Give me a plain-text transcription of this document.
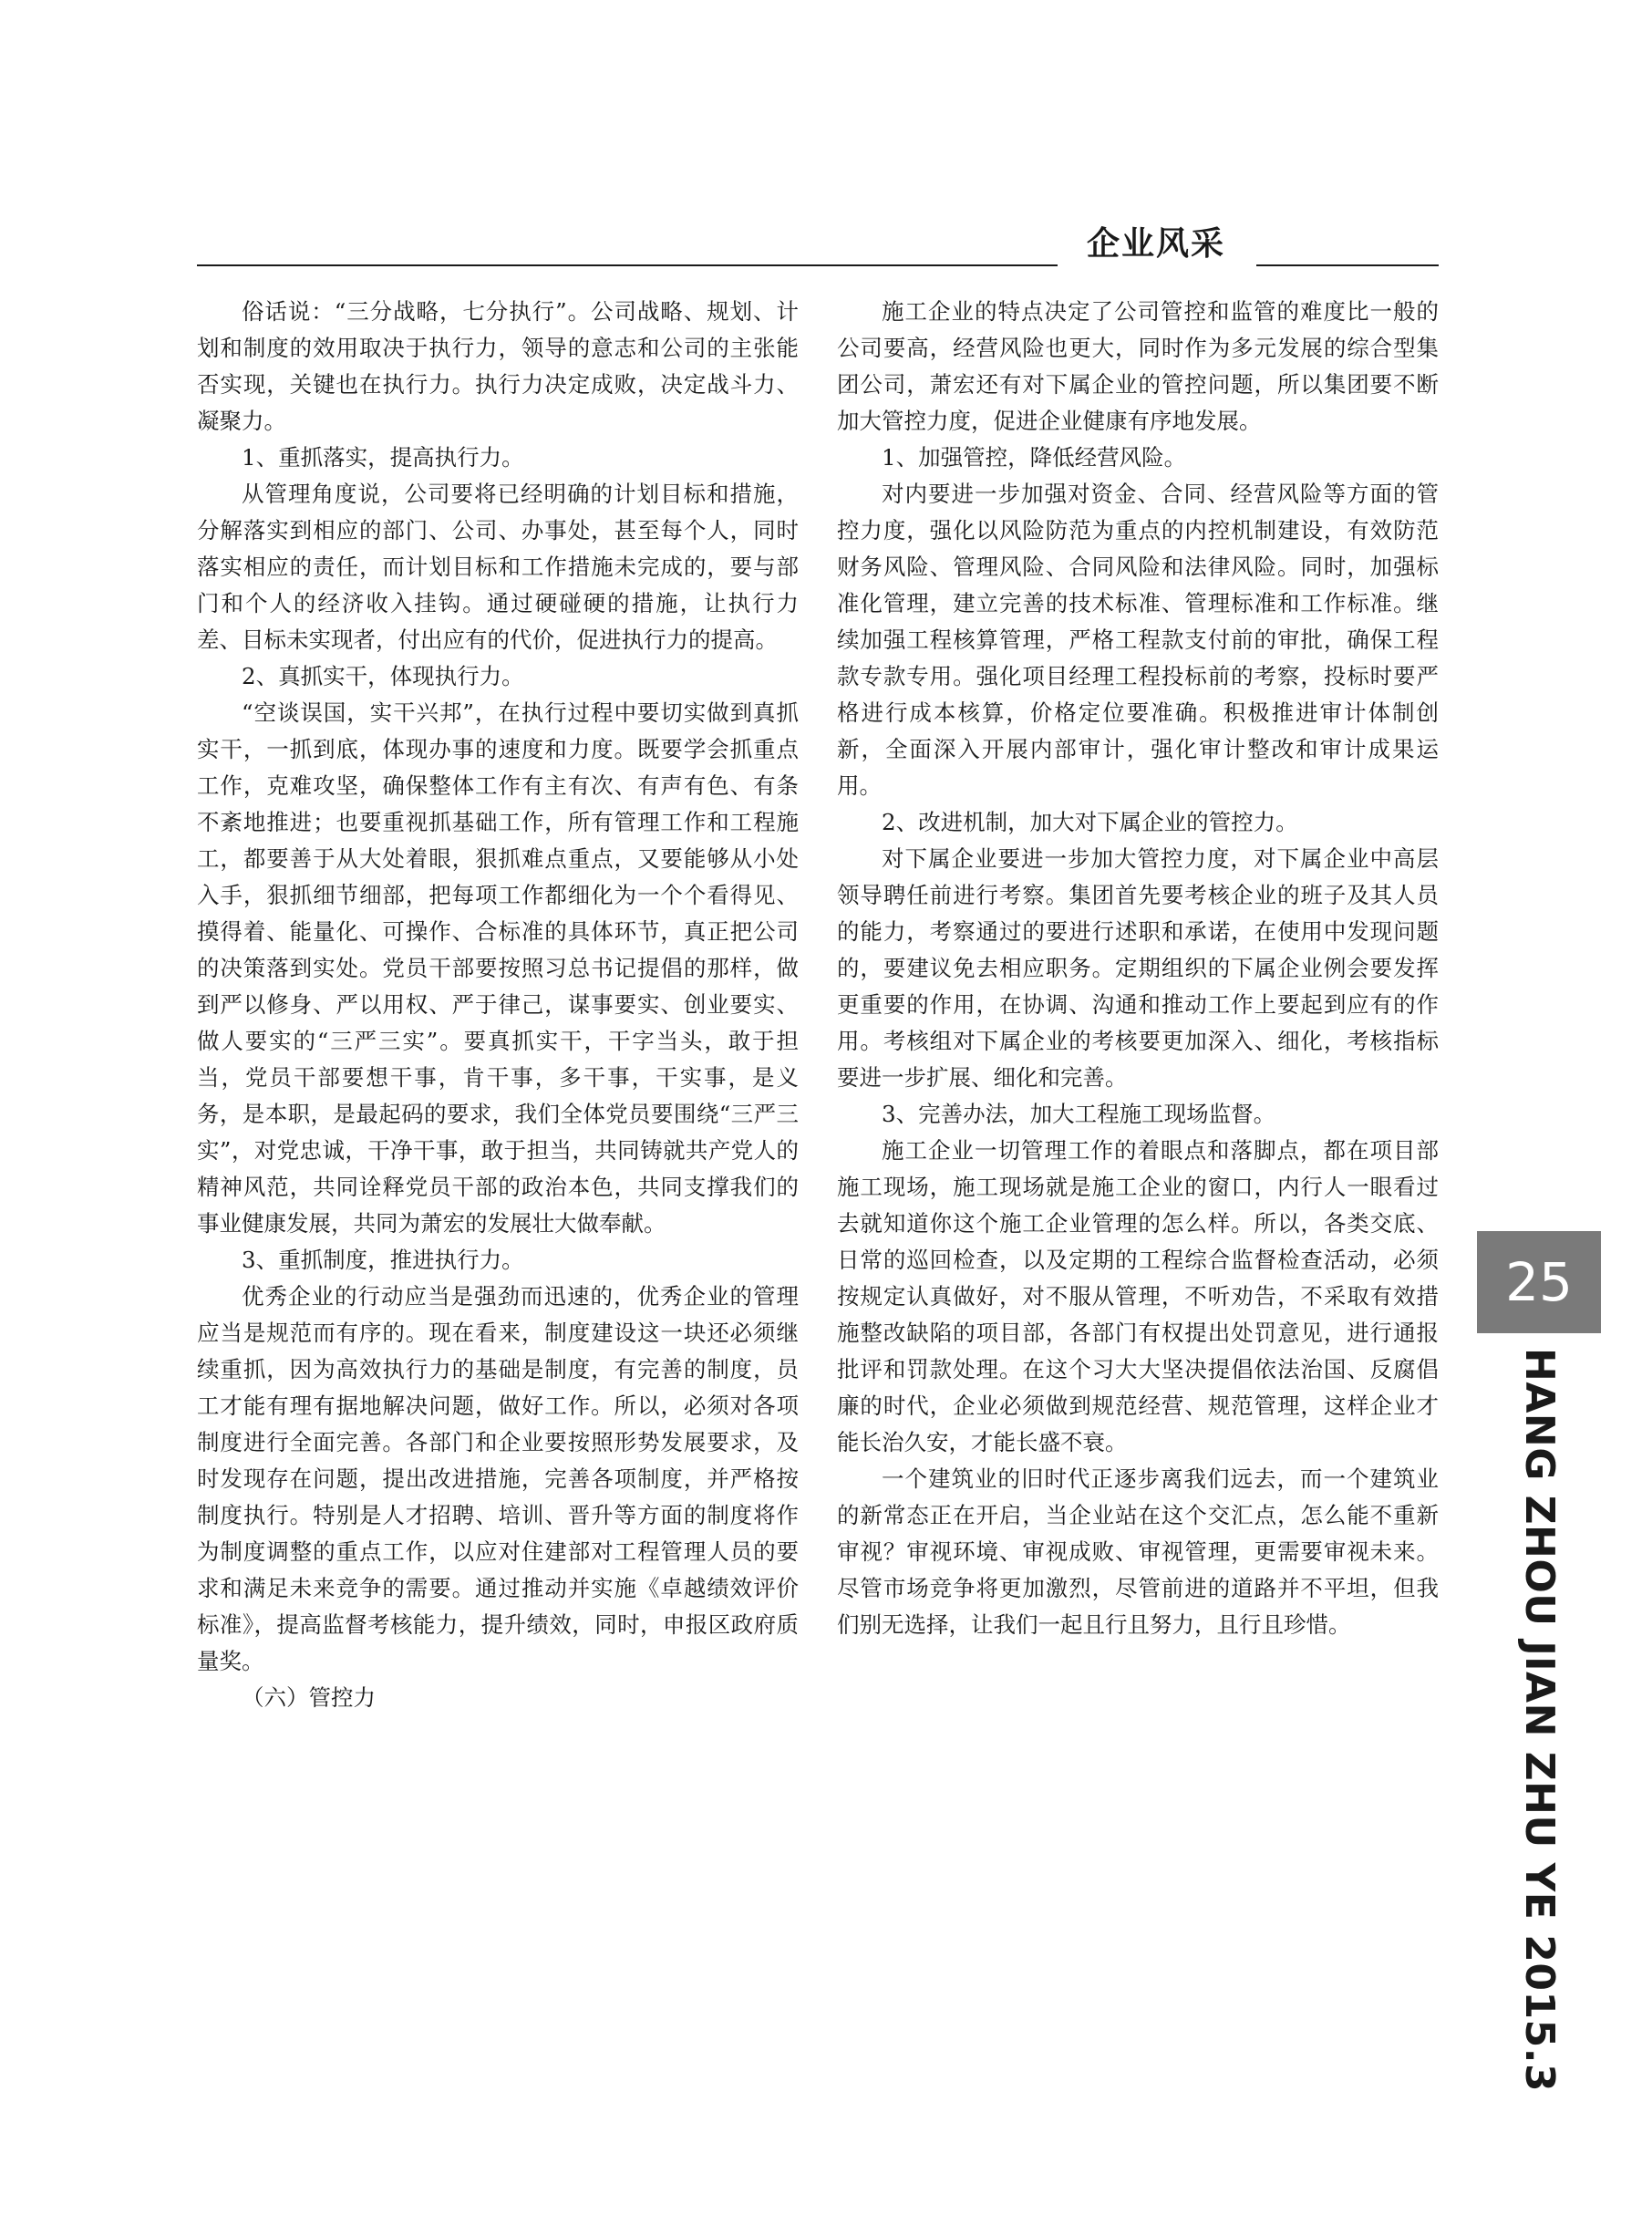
企业风采

俗话说：“三分战略，七分执行”。公司战略、规划、计划和制度的效用取决于执行力，领导的意志和公司的主张能否实现，关键也在执行力。执行力决定成败，决定战斗力、凝聚力。

1、重抓落实，提高执行力。

从管理角度说，公司要将已经明确的计划目标和措施，分解落实到相应的部门、公司、办事处，甚至每个人，同时落实相应的责任，而计划目标和工作措施未完成的，要与部门和个人的经济收入挂钩。通过硬碰硬的措施，让执行力差、目标未实现者，付出应有的代价，促进执行力的提高。

2、真抓实干，体现执行力。

“空谈误国，实干兴邦”，在执行过程中要切实做到真抓实干，一抓到底，体现办事的速度和力度。既要学会抓重点工作，克难攻坚，确保整体工作有主有次、有声有色、有条不紊地推进；也要重视抓基础工作，所有管理工作和工程施工，都要善于从大处着眼，狠抓难点重点，又要能够从小处入手，狠抓细节细部，把每项工作都细化为一个个看得见、摸得着、能量化、可操作、合标准的具体环节，真正把公司的决策落到实处。党员干部要按照习总书记提倡的那样，做到严以修身、严以用权、严于律己，谋事要实、创业要实、做人要实的“三严三实”。要真抓实干，干字当头，敢于担当，党员干部要想干事，肯干事，多干事，干实事，是义务，是本职，是最起码的要求，我们全体党员要围绕“三严三实”，对党忠诚，干净干事，敢于担当，共同铸就共产党人的精神风范，共同诠释党员干部的政治本色，共同支撑我们的事业健康发展，共同为萧宏的发展壮大做奉献。

3、重抓制度，推进执行力。

优秀企业的行动应当是强劲而迅速的，优秀企业的管理应当是规范而有序的。现在看来，制度建设这一块还必须继续重抓，因为高效执行力的基础是制度，有完善的制度，员工才能有理有据地解决问题，做好工作。所以，必须对各项制度进行全面完善。各部门和企业要按照形势发展要求，及时发现存在问题，提出改进措施，完善各项制度，并严格按制度执行。特别是人才招聘、培训、晋升等方面的制度将作为制度调整的重点工作，以应对住建部对工程管理人员的要求和满足未来竞争的需要。通过推动并实施《卓越绩效评价标准》，提高监督考核能力，提升绩效，同时，申报区政府质量奖。

（六）管控力

施工企业的特点决定了公司管控和监管的难度比一般的公司要高，经营风险也更大，同时作为多元发展的综合型集团公司，萧宏还有对下属企业的管控问题，所以集团要不断加大管控力度，促进企业健康有序地发展。

1、加强管控，降低经营风险。

对内要进一步加强对资金、合同、经营风险等方面的管控力度，强化以风险防范为重点的内控机制建设，有效防范财务风险、管理风险、合同风险和法律风险。同时，加强标准化管理，建立完善的技术标准、管理标准和工作标准。继续加强工程核算管理，严格工程款支付前的审批，确保工程款专款专用。强化项目经理工程投标前的考察，投标时要严格进行成本核算，价格定位要准确。积极推进审计体制创新，全面深入开展内部审计，强化审计整改和审计成果运用。

2、改进机制，加大对下属企业的管控力。

对下属企业要进一步加大管控力度，对下属企业中高层领导聘任前进行考察。集团首先要考核企业的班子及其人员的能力，考察通过的要进行述职和承诺，在使用中发现问题的，要建议免去相应职务。定期组织的下属企业例会要发挥更重要的作用，在协调、沟通和推动工作上要起到应有的作用。考核组对下属企业的考核要更加深入、细化，考核指标要进一步扩展、细化和完善。

3、完善办法，加大工程施工现场监督。

施工企业一切管理工作的着眼点和落脚点，都在项目部施工现场，施工现场就是施工企业的窗口，内行人一眼看过去就知道你这个施工企业管理的怎么样。所以，各类交底、日常的巡回检查，以及定期的工程综合监督检查活动，必须按规定认真做好，对不服从管理，不听劝告，不采取有效措施整改缺陷的项目部，各部门有权提出处罚意见，进行通报批评和罚款处理。在这个习大大坚决提倡依法治国、反腐倡廉的时代，企业必须做到规范经营、规范管理，这样企业才能长治久安，才能长盛不衰。

一个建筑业的旧时代正逐步离我们远去，而一个建筑业的新常态正在开启，当企业站在这个交汇点，怎么能不重新审视？审视环境、审视成败、审视管理，更需要审视未来。尽管市场竞争将更加激烈，尽管前进的道路并不平坦，但我们别无选择，让我们一起且行且努力，且行且珍惜。

25
HANG ZHOU JIAN ZHU YE 2015.3
